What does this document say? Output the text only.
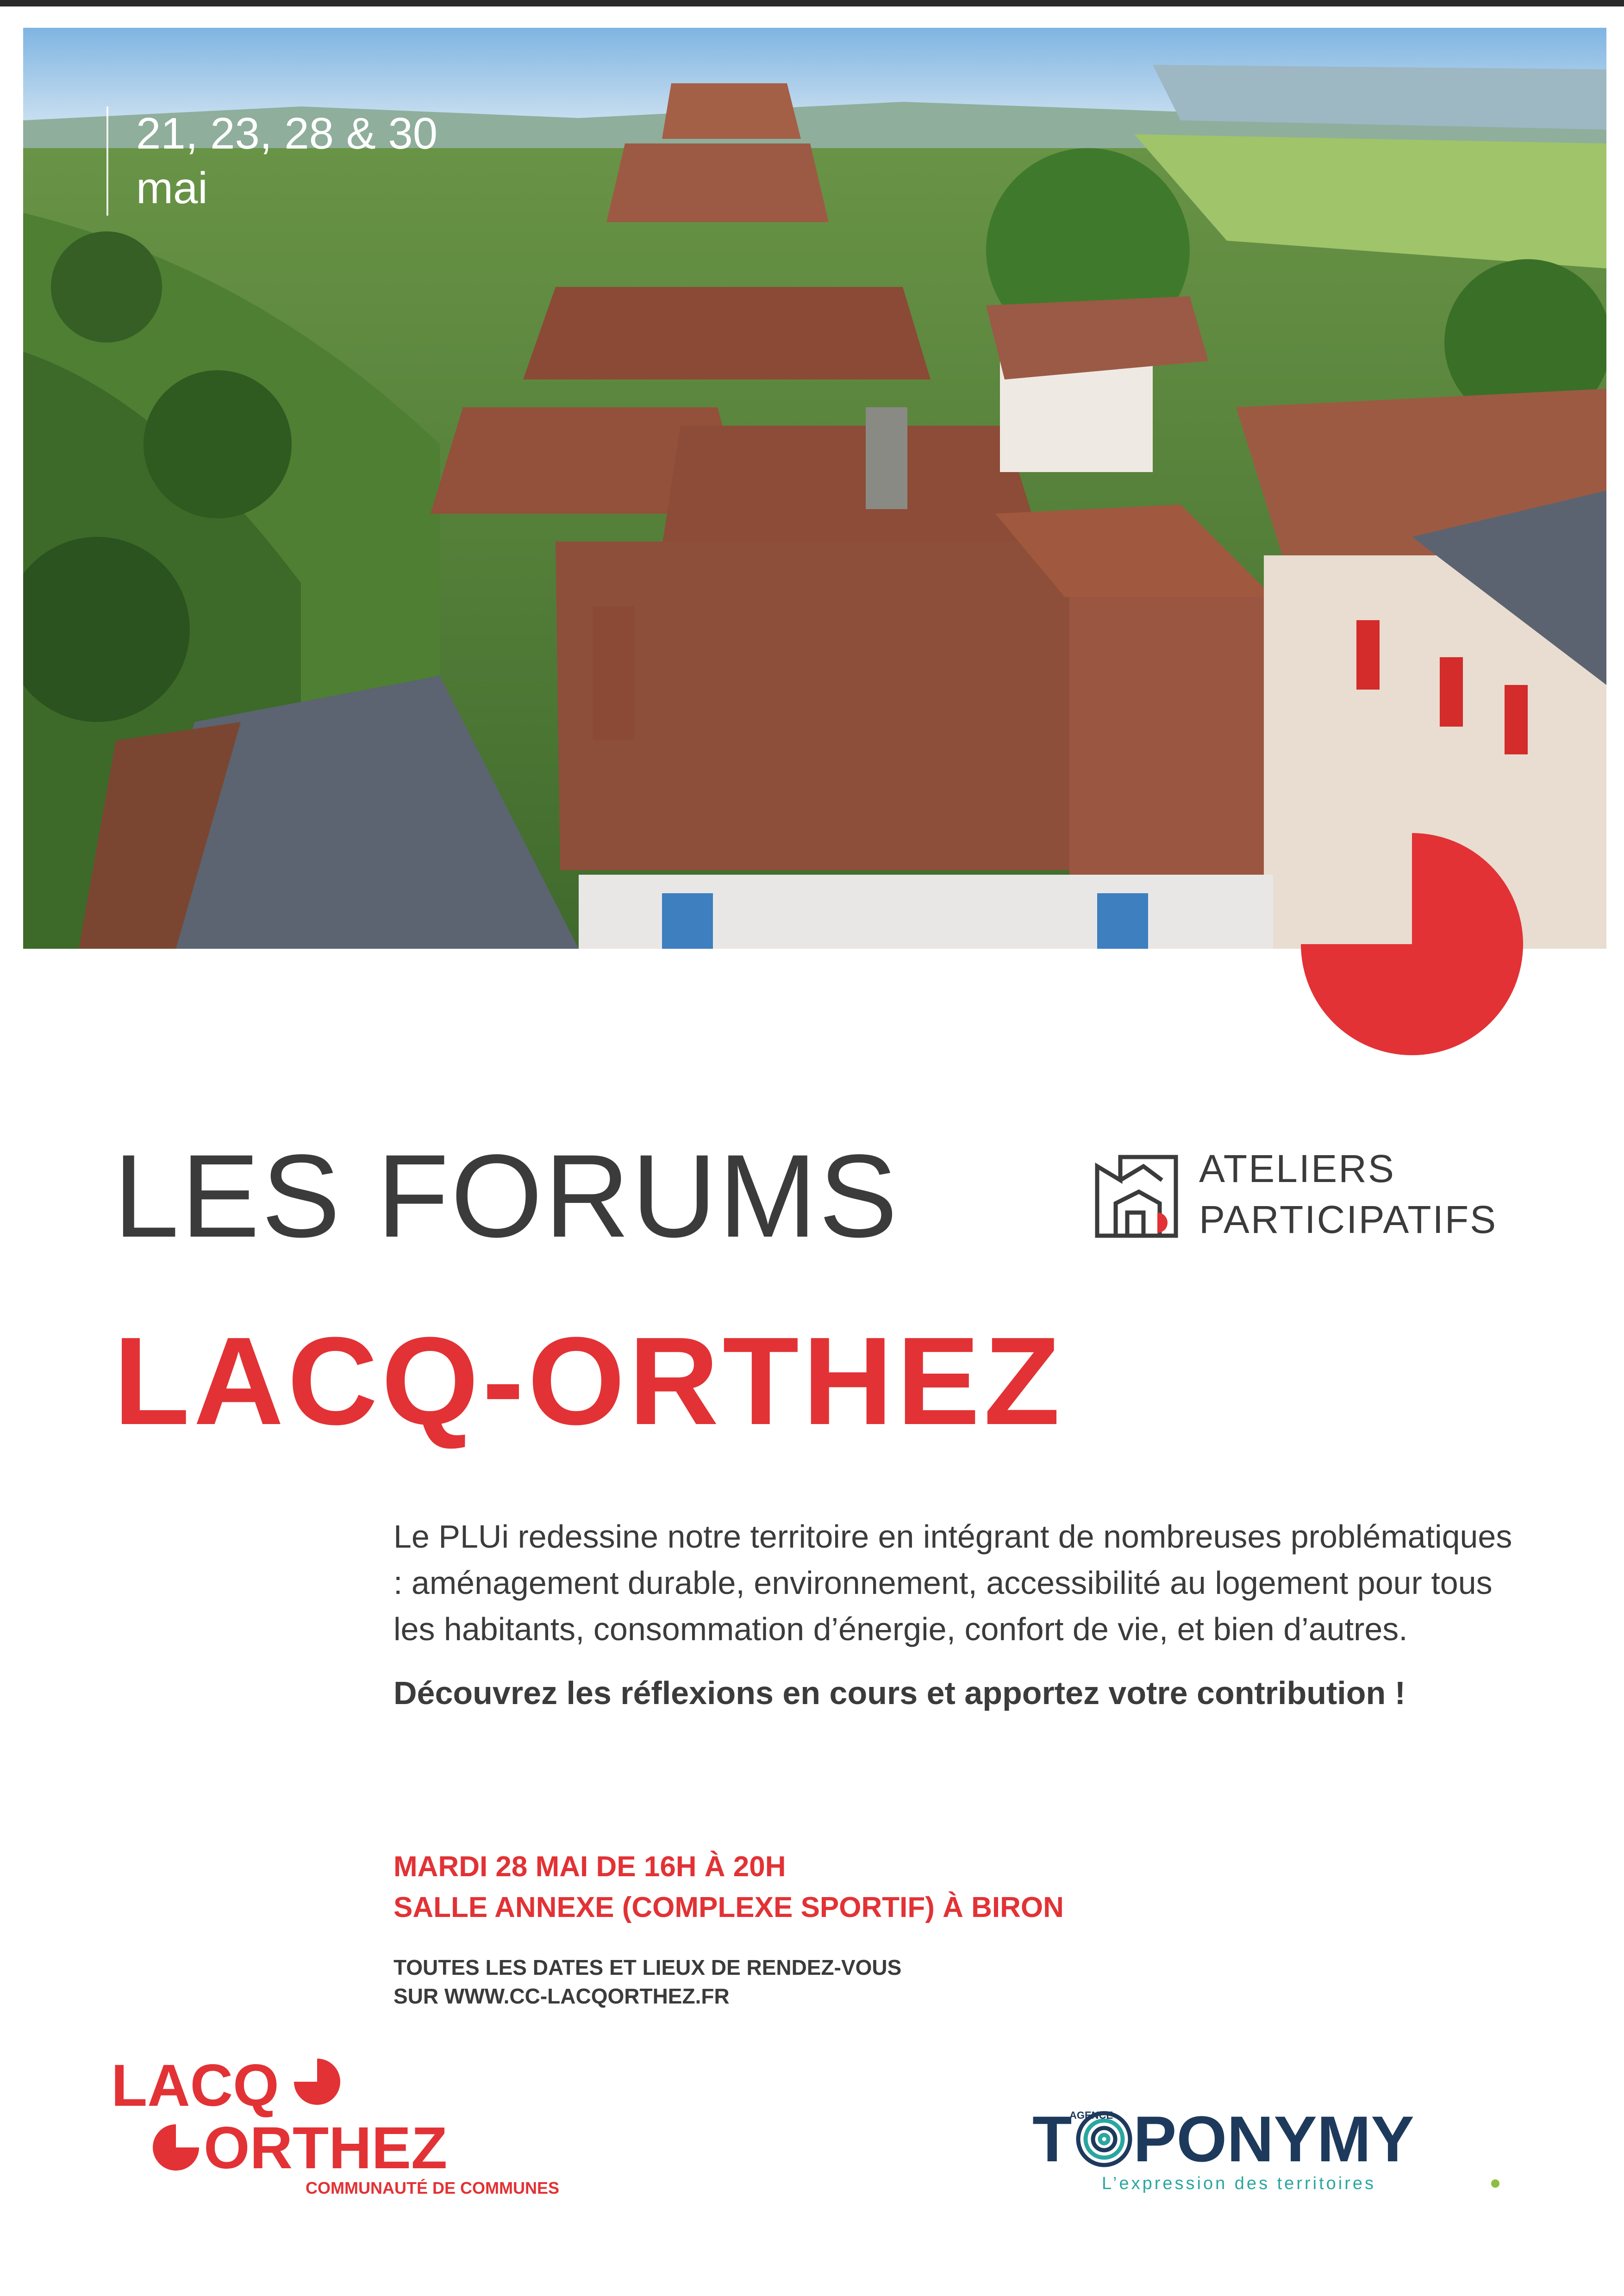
21, 23, 28 & 30 mai
LES FORUMS	ATELIERS
PARTICIPATIFS
LACQ-ORTHEZ

Le PLUi redessine notre territoire en intégrant de nombreuses problématiques : aménagement durable, environnement, accessibilité au logement pour tous les habitants, consommation d’énergie, confort de vie, et bien d’autres.

Découvrez les réflexions en cours et apportez votre contribution !

MARDI 28 MAI DE 16H À 20H
SALLE ANNEXE (COMPLEXE SPORTIF) À BIRON
TOUTES LES DATES ET LIEUX DE RENDEZ-VOUS
SUR WWW.CC-LACQORTHEZ.FR
LACQ
ORTHEZ
COMMUNAUTÉ DE COMMUNES
T
AGENCE PONYMY
L’expression des territoires
